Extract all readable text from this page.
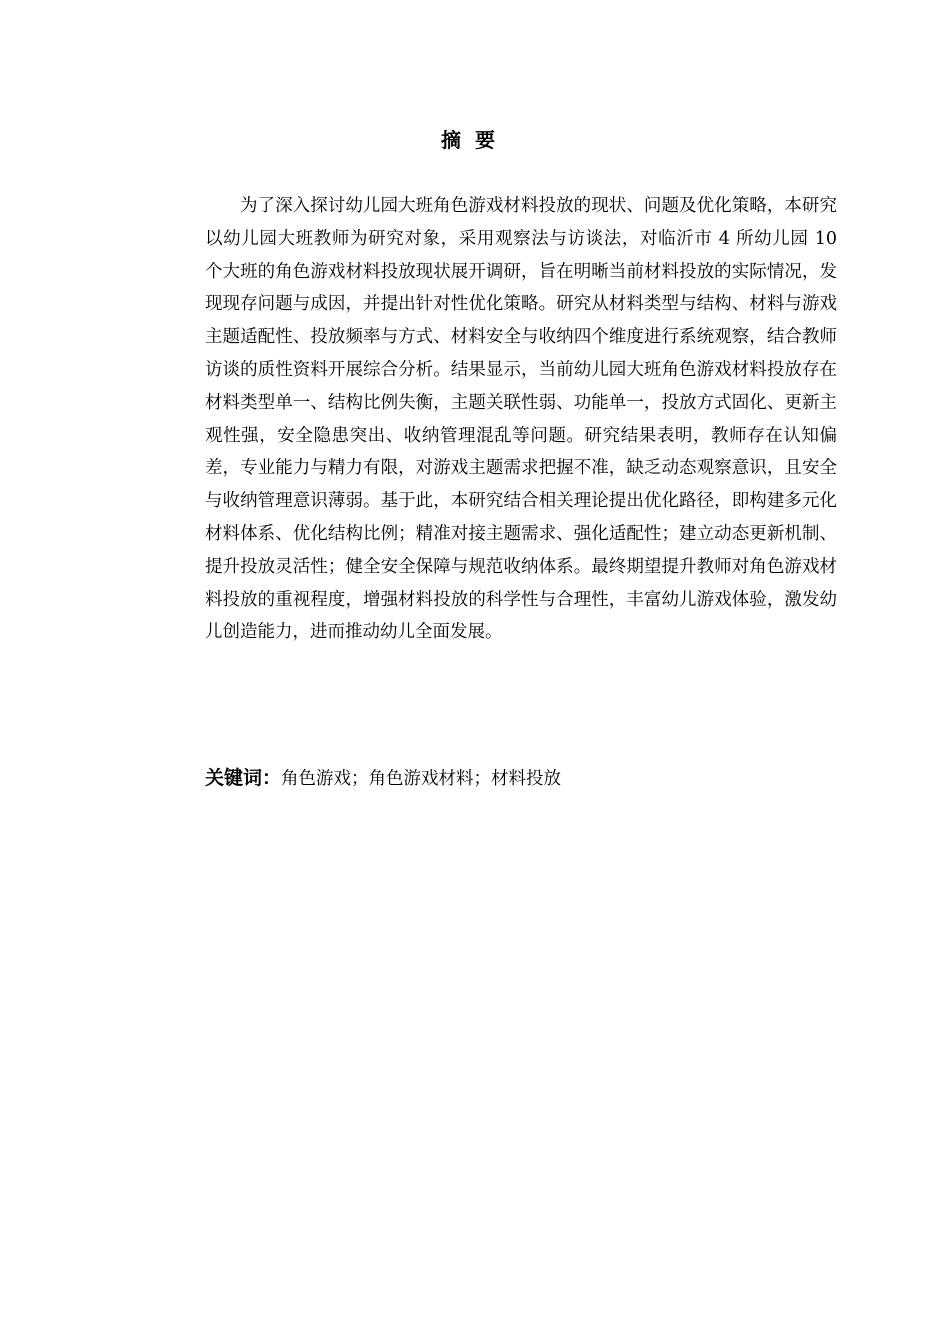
摘要

为了深入探讨幼儿园大班角色游戏材料投放的现状、问题及优化策略，本研究以幼儿园大班教师为研究对象，采用观察法与访谈法，对临沂市 4 所幼儿园 10 个大班的角色游戏材料投放现状展开调研，旨在明晰当前材料投放的实际情况，发现现存问题与成因，并提出针对性优化策略。研究从材料类型与结构、材料与游戏主题适配性、投放频率与方式、材料安全与收纳四个维度进行系统观察，结合教师访谈的质性资料开展综合分析。结果显示，当前幼儿园大班角色游戏材料投放存在材料类型单一、结构比例失衡，主题关联性弱、功能单一，投放方式固化、更新主观性强，安全隐患突出、收纳管理混乱等问题。研究结果表明，教师存在认知偏差，专业能力与精力有限，对游戏主题需求把握不准，缺乏动态观察意识，且安全与收纳管理意识薄弱。基于此，本研究结合相关理论提出优化路径，即构建多元化材料体系、优化结构比例；精准对接主题需求、强化适配性；建立动态更新机制、提升投放灵活性；健全安全保障与规范收纳体系。最终期望提升教师对角色游戏材料投放的重视程度，增强材料投放的科学性与合理性，丰富幼儿游戏体验，激发幼儿创造能力，进而推动幼儿全面发展。

关键词：角色游戏；角色游戏材料；材料投放
